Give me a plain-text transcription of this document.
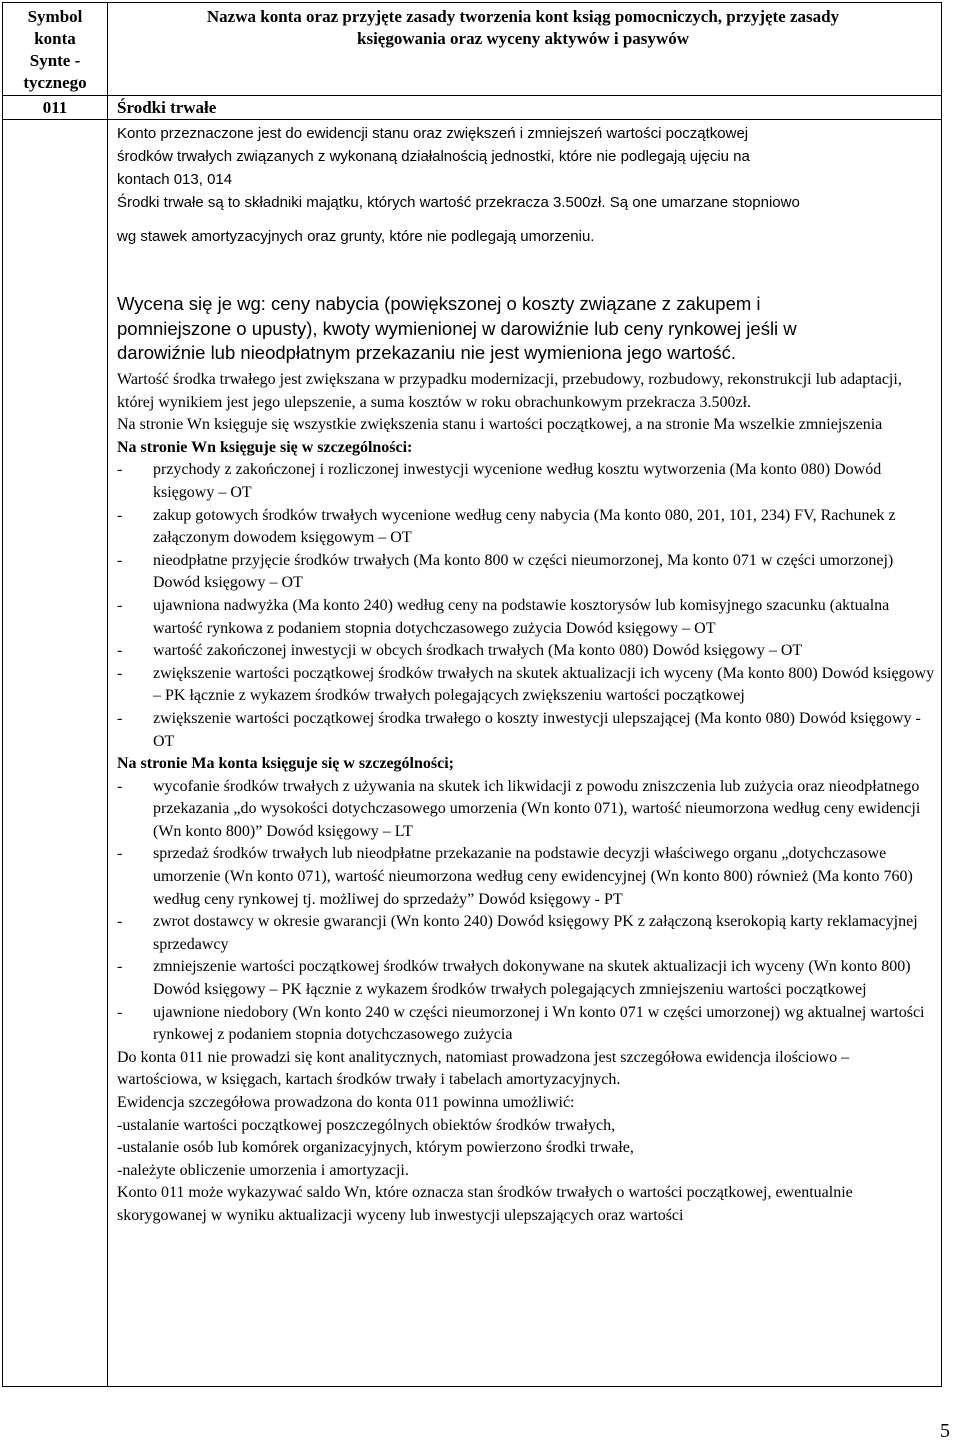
Symbol
konta
Synte -
tycznego
Nazwa konta oraz przyjęte zasady tworzenia kont ksiąg pomocniczych, przyjęte zasady
księgowania oraz wyceny aktywów i pasywów
011	Środki trwałe
Konto przeznaczone jest do ewidencji stanu oraz zwiększeń i zmniejszeń wartości początkowej
środków trwałych związanych z wykonaną działalnością jednostki, które nie podlegają ujęciu na
kontach 013, 014
Środki trwałe są to składniki majątku, których wartość przekracza 3.500zł. Są one umarzane stopniowo
wg stawek amortyzacyjnych oraz grunty, które nie podlegają umorzeniu.
Wycena się je wg: ceny nabycia (powiększonej o koszty związane z zakupem i
pomniejszone o upusty), kwoty wymienionej w darowiźnie lub ceny rynkowej jeśli w
darowiźnie lub nieodpłatnym przekazaniu nie jest wymieniona jego wartość.

Wartość środka trwałego jest zwiększana w przypadku modernizacji, przebudowy, rozbudowy, rekonstrukcji lub adaptacji, której wynikiem jest jego ulepszenie, a suma kosztów w roku obrachunkowym przekracza 3.500zł.

Na stronie Wn księguje się wszystkie zwiększenia stanu i wartości początkowej, a na stronie Ma wszelkie zmniejszenia

Na stronie Wn księguje się w szczególności:

- przychody z zakończonej i rozliczonej inwestycji wycenione według kosztu wytworzenia (Ma konto 080) Dowód księgowy – OT
- zakup gotowych środków trwałych wycenione według ceny nabycia (Ma konto 080, 201, 101, 234) FV, Rachunek z załączonym dowodem księgowym – OT
- nieodpłatne przyjęcie środków trwałych (Ma konto 800 w części nieumorzonej, Ma konto 071 w części umorzonej) Dowód księgowy – OT
- ujawniona nadwyżka (Ma konto 240) według ceny na podstawie kosztorysów lub komisyjnego szacunku (aktualna wartość rynkowa z podaniem stopnia dotychczasowego zużycia Dowód księgowy – OT
- wartość zakończonej inwestycji w obcych środkach trwałych (Ma konto 080) Dowód księgowy – OT
- zwiększenie wartości początkowej środków trwałych na skutek aktualizacji ich wyceny (Ma konto 800) Dowód księgowy – PK łącznie z wykazem środków trwałych polegających zwiększeniu wartości początkowej
- zwiększenie wartości początkowej środka trwałego o koszty inwestycji ulepszającej (Ma konto 080) Dowód księgowy - OT

Na stronie Ma konta księguje się w szczególności;

- wycofanie środków trwałych z używania na skutek ich likwidacji z powodu zniszczenia lub zużycia oraz nieodpłatnego przekazania „do wysokości dotychczasowego umorzenia (Wn konto 071), wartość nieumorzona według ceny ewidencji (Wn konto 800)” Dowód księgowy – LT
- sprzedaż środków trwałych lub nieodpłatne przekazanie na podstawie decyzji właściwego organu „dotychczasowe umorzenie (Wn konto 071), wartość nieumorzona według ceny ewidencyjnej (Wn konto 800) również (Ma konto 760) według ceny rynkowej tj. możliwej do sprzedaży” Dowód księgowy - PT
- zwrot dostawcy w okresie gwarancji (Wn konto 240) Dowód księgowy PK z załączoną kserokopią karty reklamacyjnej sprzedawcy
- zmniejszenie wartości początkowej środków trwałych dokonywane na skutek aktualizacji ich wyceny (Wn konto 800) Dowód księgowy – PK łącznie z wykazem środków trwałych polegających zmniejszeniu wartości początkowej
- ujawnione niedobory (Wn konto 240 w części nieumorzonej i Wn konto 071 w części umorzonej) wg aktualnej wartości rynkowej z podaniem stopnia dotychczasowego zużycia

Do konta 011 nie prowadzi się kont analitycznych, natomiast prowadzona jest szczegółowa ewidencja ilościowo – wartościowa, w księgach, kartach środków trwały i tabelach amortyzacyjnych.

Ewidencja szczegółowa prowadzona do konta 011 powinna umożliwić:

-ustalanie wartości początkowej poszczególnych obiektów środków trwałych,

-ustalanie osób lub komórek organizacyjnych, którym powierzono środki trwałe,

-należyte obliczenie umorzenia i amortyzacji.

Konto 011 może wykazywać saldo Wn, które oznacza stan środków trwałych o wartości początkowej, ewentualnie skorygowanej w wyniku aktualizacji wyceny lub inwestycji ulepszających oraz wartości

5
